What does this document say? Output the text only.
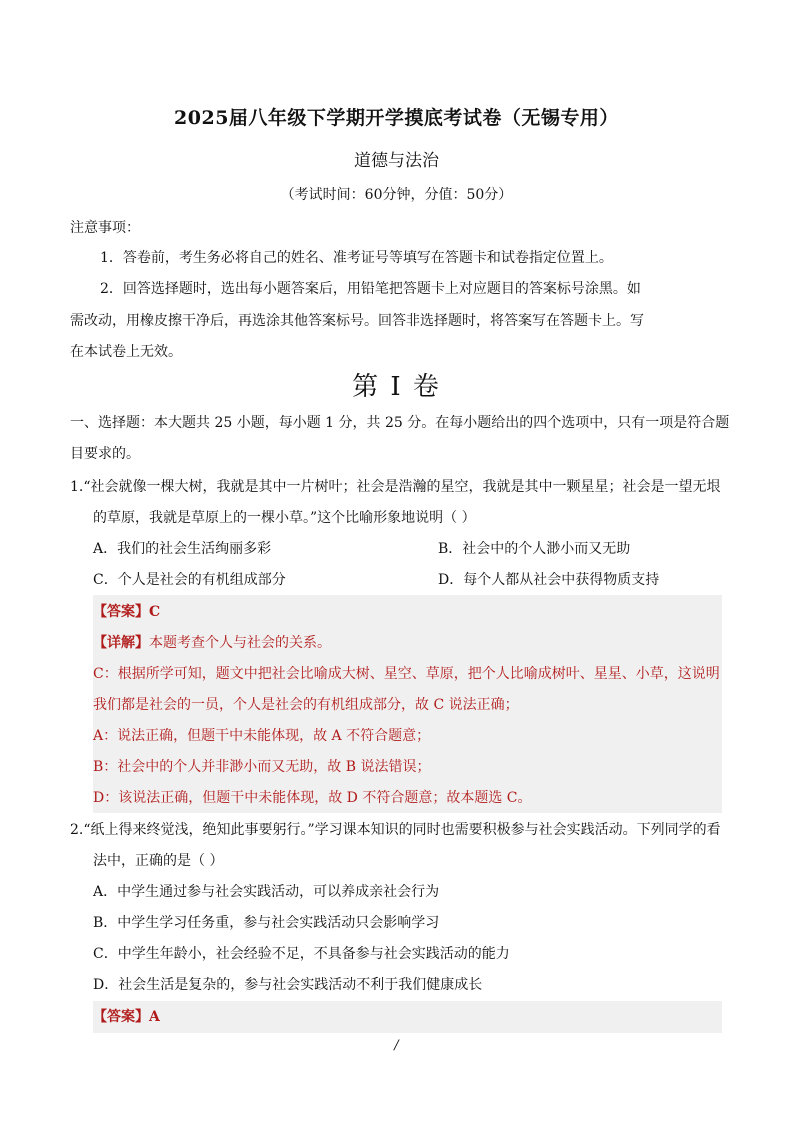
2025届八年级下学期开学摸底考试卷（无锡专用）
道德与法治
（考试时间：60分钟，分值：50分）
注意事项：
1．答卷前，考生务必将自己的姓名、准考证号等填写在答题卡和试卷指定位置上。
2．回答选择题时，选出每小题答案后，用铅笔把答题卡上对应题目的答案标号涂黑。如
需改动，用橡皮擦干净后，再选涂其他答案标号。回答非选择题时，将答案写在答题卡上。写
在本试卷上无效。
第 I 卷
一、选择题：本大题共 25 小题，每小题 1 分，共 25 分。在每小题给出的四个选项中，只有一项是符合题
目要求的。
1.“社会就像一棵大树，我就是其中一片树叶；社会是浩瀚的星空，我就是其中一颗星星；社会是一望无垠
的草原，我就是草原上的一棵小草。”这个比喻形象地说明（ ）
A．我们的社会生活绚丽多彩	B．社会中的个人渺小而又无助
C．个人是社会的有机组成部分	D．每个人都从社会中获得物质支持
【答案】C
【详解】本题考查个人与社会的关系。
C：根据所学可知，题文中把社会比喻成大树、星空、草原，把个人比喻成树叶、星星、小草，这说明
我们都是社会的一员，个人是社会的有机组成部分，故 C 说法正确；
A：说法正确，但题干中未能体现，故 A 不符合题意；
B：社会中的个人并非渺小而又无助，故 B 说法错误；
D：该说法正确，但题干中未能体现，故 D 不符合题意；故本题选 C。
2.“纸上得来终觉浅，绝知此事要躬行。”学习课本知识的同时也需要积极参与社会实践活动。下列同学的看
法中，正确的是（ ）
A．中学生通过参与社会实践活动，可以养成亲社会行为
B．中学生学习任务重，参与社会实践活动只会影响学习
C．中学生年龄小，社会经验不足，不具备参与社会实践活动的能力
D．社会生活是复杂的，参与社会实践活动不利于我们健康成长
【答案】A
/
